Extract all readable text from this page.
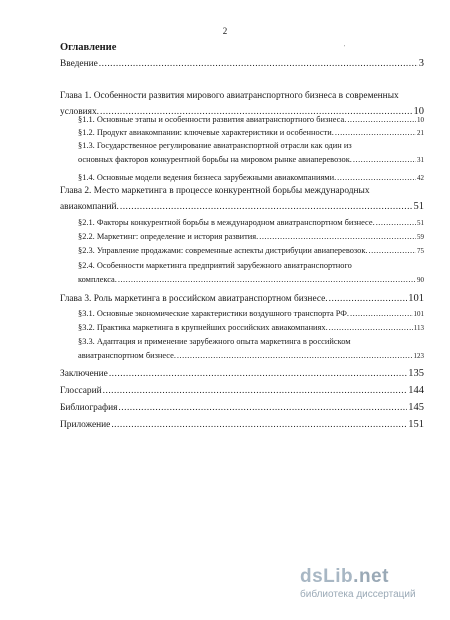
2
Оглавление
Введение .....	3
Глава 1. Особенности развития мирового авиатранспортного бизнеса в современных
условиях. .....	10
§1.1. Основные этапы и особенности развития авиатранспортного бизнеса. .....	10
§1.2. Продукт авиакомпании: ключевые характеристики и особенности. .....	21
§1.3. Государственное регулирование авиатранспортной отрасли как один из
основных факторов конкурентной борьбы на мировом рынке авиаперевозок. .....	31
§1.4. Основные модели ведения бизнеса зарубежными авиакомпаниями. .....	42
Глава 2. Место маркетинга в процессе конкурентной борьбы международных
авиакомпаний. .....	51
§2.1. Факторы конкурентной борьбы в международном авиатранспортном бизнесе. .....	51
§2.2. Маркетинг: определение и история развития. .....	59
§2.3. Управление продажами: современные аспекты дистрибуции авиаперевозок. .....	75
§2.4. Особенности маркетинга предприятий зарубежного авиатранспортного
комплекса. .....	90
Глава 3. Роль маркетинга в российском авиатранспортном бизнесе. .....	101
§3.1. Основные экономические характеристики воздушного транспорта РФ. .....	101
§3.2. Практика маркетинга в крупнейших российских авиакомпаниях. .....	113
§3.3. Адаптация и применение зарубежного опыта маркетинга в российском
авиатранспортном бизнесе. .....	123
Заключение .....	135
Глоссарий .....	144
Библиография .....	145
Приложение .....	151
'
dsLib.net
библиотека диссертаций
